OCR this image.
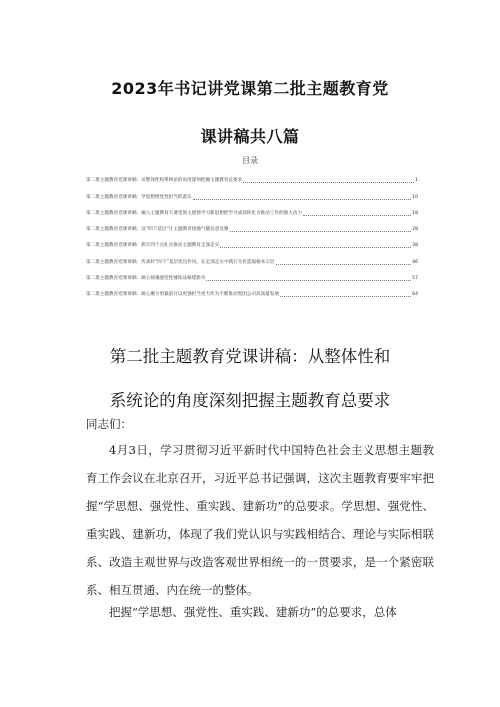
2023年书记讲党课第二批主题教育党
课讲稿共八篇
目录
第二批主题教育党课讲稿：从整体性和系统论的角度深刻把握主题教育总要求	1
第二批主题教育党课讲稿：学思想增党性担当抓落实	10
第二批主题教育党课讲稿：融入主题教育大课堂领主感情学习新思想把学习成效转化为推动工作的强大动力	18
第二批主题教育党课讲稿：以“四下基层”让主题教育接地气暖民意見聚	28
第二批主题教育党课讲稿：抓牢四个点扎实推动主题教育走深走实	38
第二批主题教育党课讲稿：传承好“四下”基层优良作风，在走深走实中践行为民造福根本宗旨	46
第二批主题教育党课讲稿：凝心铸魂强党性锤炼品格建新功	57
第二批主题教育党课讲稿：凝心聚力勇毅前行以更强担当更大作为不断推动集团公司高质量发展	64
第二批主题教育党课讲稿：从整体性和
系统论的角度深刻把握主题教育总要求
同志们：
4月3日，学习贯彻习近平新时代中国特色社会主义思想主题教育工作会议在北京召开，习近平总书记强调，这次主题教育要牢牢把握“学思想、强党性、重实践、建新功”的总要求。学思想、强党性、重实践、建新功，体现了我们党认识与实践相结合、理论与实际相联系、改造主观世界与改造客观世界相统一的一贯要求，是一个紧密联系、相互贯通、内在统一的整体。
把握“学思想、强党性、重实践、建新功”的总要求，总体
